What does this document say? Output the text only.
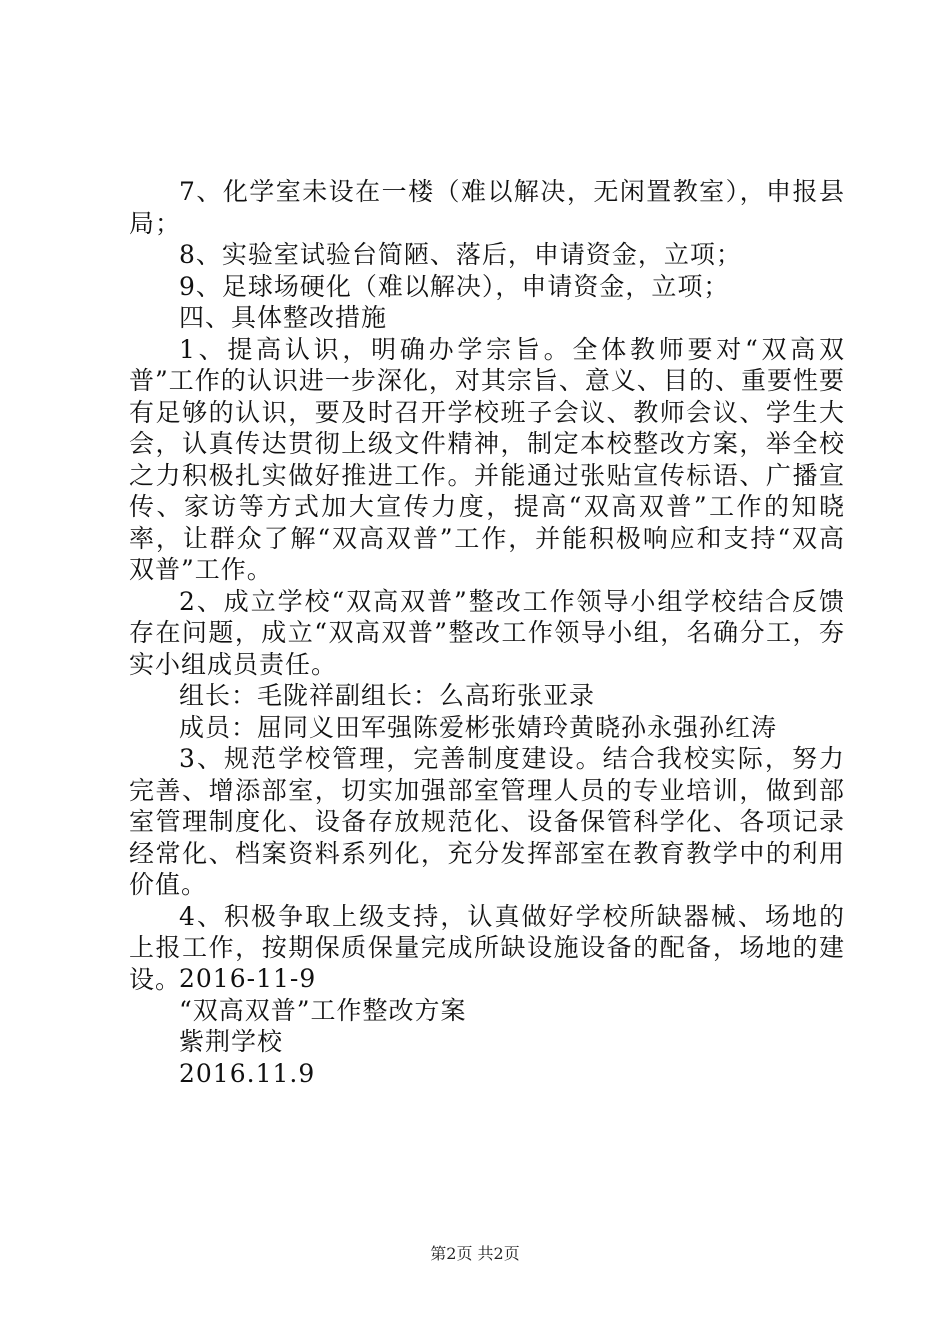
7、化学室未设在一楼（难以解决，无闲置教室），申报县局；

8、实验室试验台简陋、落后，申请资金，立项；

9、足球场硬化（难以解决），申请资金，立项；

四、具体整改措施

1、提高认识，明确办学宗旨。全体教师要对“双高双普”工作的认识进一步深化，对其宗旨、意义、目的、重要性要有足够的认识，要及时召开学校班子会议、教师会议、学生大会，认真传达贯彻上级文件精神，制定本校整改方案，举全校之力积极扎实做好推进工作。并能通过张贴宣传标语、广播宣传、家访等方式加大宣传力度，提高“双高双普”工作的知晓率，让群众了解“双高双普”工作，并能积极响应和支持“双高双普”工作。

2、成立学校“双高双普”整改工作领导小组学校结合反馈存在问题，成立“双高双普”整改工作领导小组，名确分工，夯实小组成员责任。

组长：毛陇祥副组长：么高珩张亚录

成员：屈同义田军强陈爱彬张婧玲黄晓孙永强孙红涛

3、规范学校管理，完善制度建设。结合我校实际，努力完善、增添部室，切实加强部室管理人员的专业培训，做到部室管理制度化、设备存放规范化、设备保管科学化、各项记录经常化、档案资料系列化，充分发挥部室在教育教学中的利用价值。

4、积极争取上级支持，认真做好学校所缺器械、场地的上报工作，按期保质保量完成所缺设施设备的配备，场地的建设。

2016-11-9

“双高双普”工作整改方案

紫荆学校

2016.11.9

第2页 共2页
